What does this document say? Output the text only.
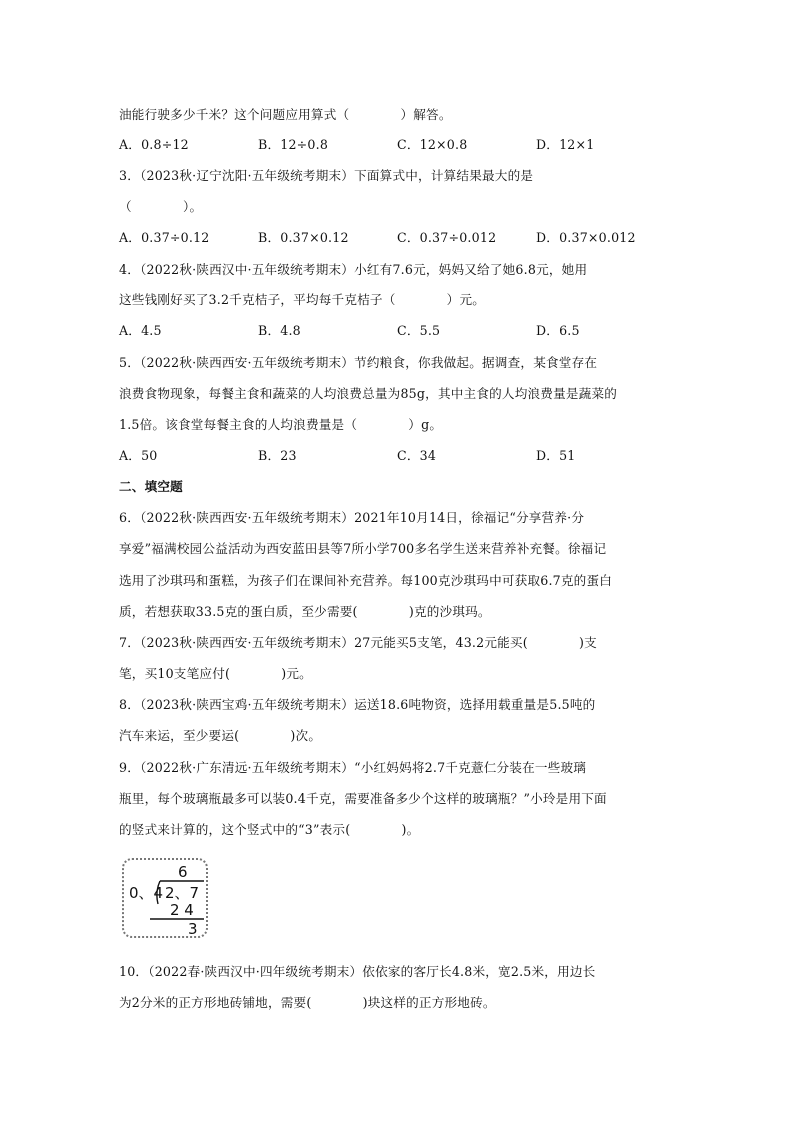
油能行驶多少千米？这个问题应用算式（　　　　）解答。
A．0.8÷12	B．12÷0.8	C．12×0.8	D．12×1
3．（2023秋·辽宁沈阳·五年级统考期末）下面算式中，计算结果最大的是
（　　　　）。
A．0.37÷0.12	B．0.37×0.12	C．0.37÷0.012	D．0.37×0.012
4．（2022秋·陕西汉中·五年级统考期末）小红有7.6元，妈妈又给了她6.8元，她用
这些钱刚好买了3.2千克桔子，平均每千克桔子（　　　　）元。
A．4.5	B．4.8	C．5.5	D．6.5
5．（2022秋·陕西西安·五年级统考期末）节约粮食，你我做起。据调查，某食堂存在
浪费食物现象，每餐主食和蔬菜的人均浪费总量为85g，其中主食的人均浪费量是蔬菜的
1.5倍。该食堂每餐主食的人均浪费量是（　　　　）g。
A．50	B．23	C．34	D．51
二、填空题
6．（2022秋·陕西西安·五年级统考期末）2021年10月14日，徐福记“分享营养·分
享爱”福满校园公益活动为西安蓝田县等7所小学700多名学生送来营养补充餐。徐福记
选用了沙琪玛和蛋糕，为孩子们在课间补充营养。每100克沙琪玛中可获取6.7克的蛋白
质，若想获取33.5克的蛋白质，至少需要(　　　　)克的沙琪玛。
7．（2023秋·陕西西安·五年级统考期末）27元能买5支笔，43.2元能买(　　　　)支
笔，买10支笔应付(　　　　)元。
8．（2023秋·陕西宝鸡·五年级统考期末）运送18.6吨物资，选择用载重量是5.5吨的
汽车来运，至少要运(　　　　)次。
9．（2022秋·广东清远·五年级统考期末）“小红妈妈将2.7千克薏仁分装在一些玻璃
瓶里，每个玻璃瓶最多可以装0.4千克，需要准备多少个这样的玻璃瓶？”小玲是用下面
的竖式来计算的，这个竖式中的“3”表示(　　　　)。
6
0、4 2、7
2 4
3
10．（2022春·陕西汉中·四年级统考期末）依依家的客厅长4.8米，宽2.5米，用边长
为2分米的正方形地砖铺地，需要(　　　　)块这样的正方形地砖。
